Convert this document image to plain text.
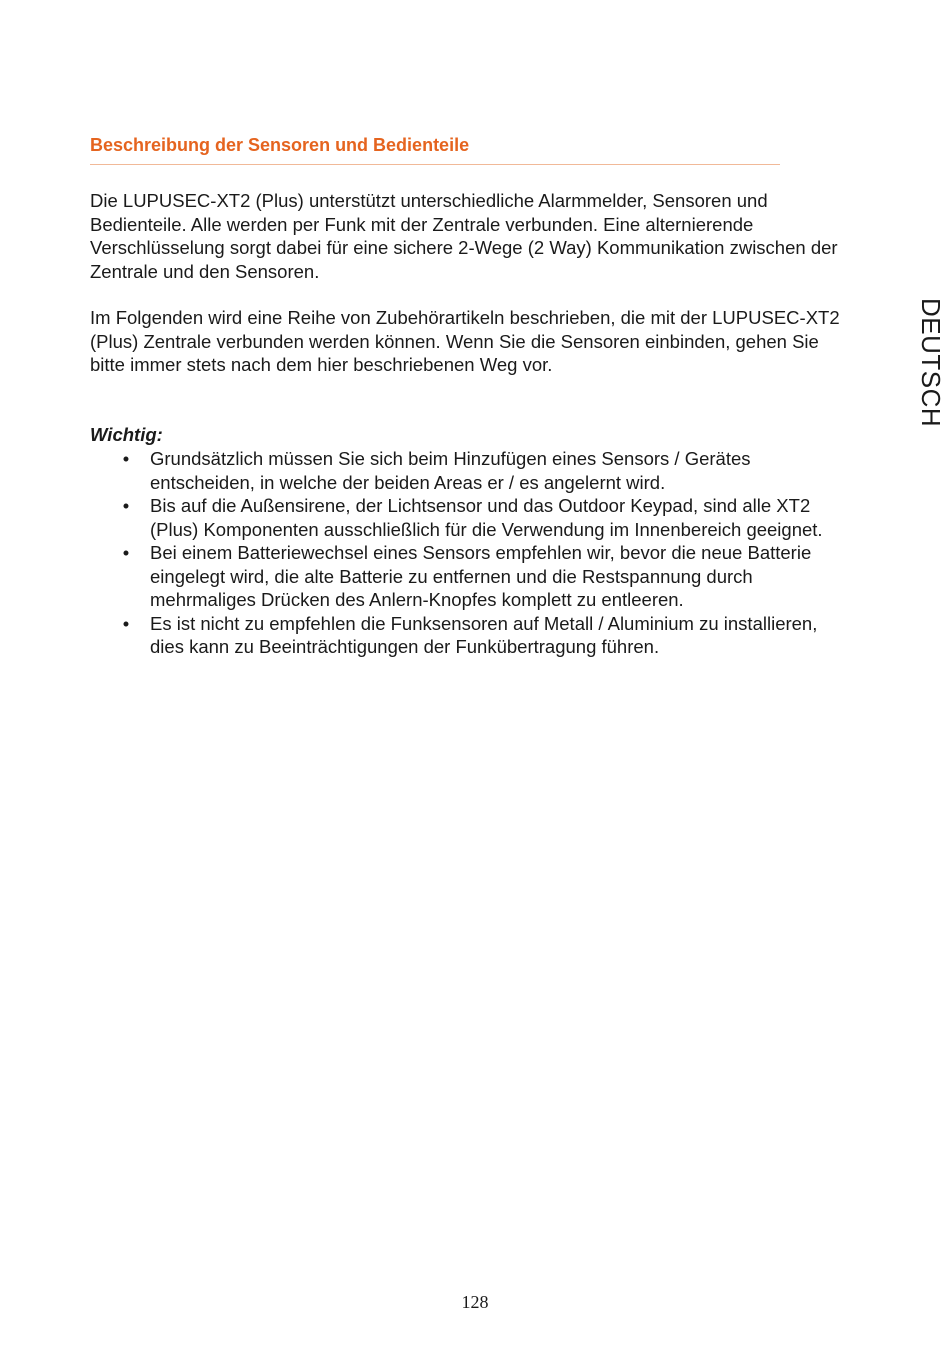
Beschreibung der Sensoren und Bedienteile

Die LUPUSEC-XT2 (Plus) unterstützt unterschiedliche Alarmmelder, Sensoren und Bedienteile. Alle werden per Funk mit der Zentrale verbunden. Eine alternierende Verschlüsselung sorgt dabei für eine sichere 2-Wege (2 Way) Kommunikation zwischen der Zentrale und den Sensoren.

Im Folgenden wird eine Reihe von Zubehörartikeln beschrieben, die mit der LUPUSEC-XT2 (Plus) Zentrale verbunden werden können. Wenn Sie die Sensoren einbinden, gehen Sie bitte immer stets nach dem hier beschriebenen Weg vor.

Wichtig:

• Grundsätzlich müssen Sie sich beim Hinzufügen eines Sensors / Gerätes entscheiden, in welche der beiden Areas er / es angelernt wird.
• Bis auf die Außensirene, der Lichtsensor und das Outdoor Keypad, sind alle XT2 (Plus) Komponenten ausschließlich für die Verwendung im Innenbereich geeignet.
• Bei einem Batteriewechsel eines Sensors empfehlen wir, bevor die neue Batterie eingelegt wird, die alte Batterie zu entfernen und die Restspannung durch mehrmaliges Drücken des Anlern-Knopfes komplett zu entleeren.
• Es ist nicht zu empfehlen die Funksensoren auf Metall / Aluminium zu installieren, dies kann zu Beeinträchtigungen der Funkübertragung führen.
DEUTSCH

128
